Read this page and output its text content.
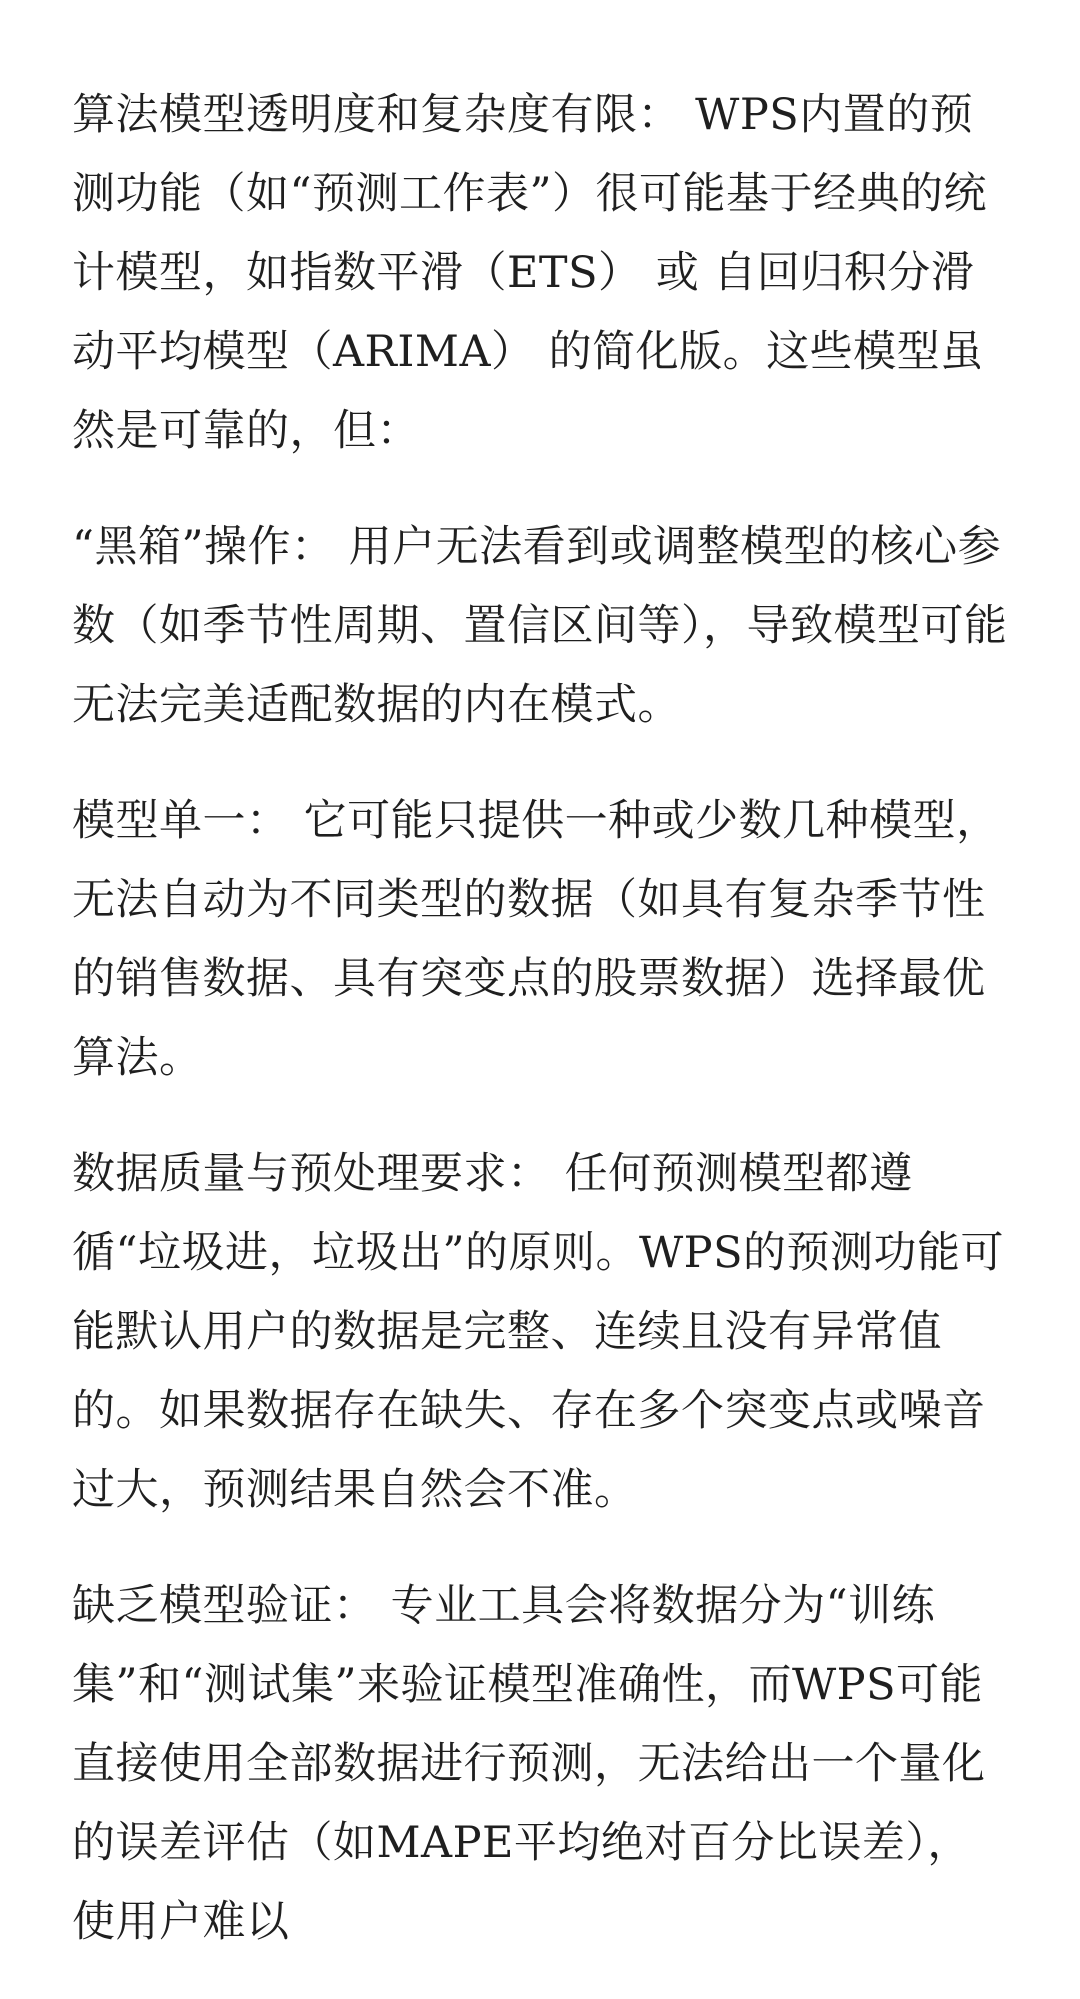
算法模型透明度和复杂度有限： WPS内置的预测功能（如“预测工作表”）很可能基于经典的统计模型，如指数平滑（ETS） 或 自回归积分滑动平均模型（ARIMA） 的简化版。这些模型虽然是可靠的，但：

“黑箱”操作： 用户无法看到或调整模型的核心参数（如季节性周期、置信区间等），导致模型可能无法完美适配数据的内在模式。

模型单一： 它可能只提供一种或少数几种模型，无法自动为不同类型的数据（如具有复杂季节性的销售数据、具有突变点的股票数据）选择最优算法。

数据质量与预处理要求： 任何预测模型都遵循“垃圾进，垃圾出”的原则。WPS的预测功能可能默认用户的数据是完整、连续且没有异常值的。如果数据存在缺失、存在多个突变点或噪音过大，预测结果自然会不准。

缺乏模型验证： 专业工具会将数据分为“训练集”和“测试集”来验证模型准确性，而WPS可能直接使用全部数据进行预测，无法给出一个量化的误差评估（如MAPE平均绝对百分比误差），使用户难以
